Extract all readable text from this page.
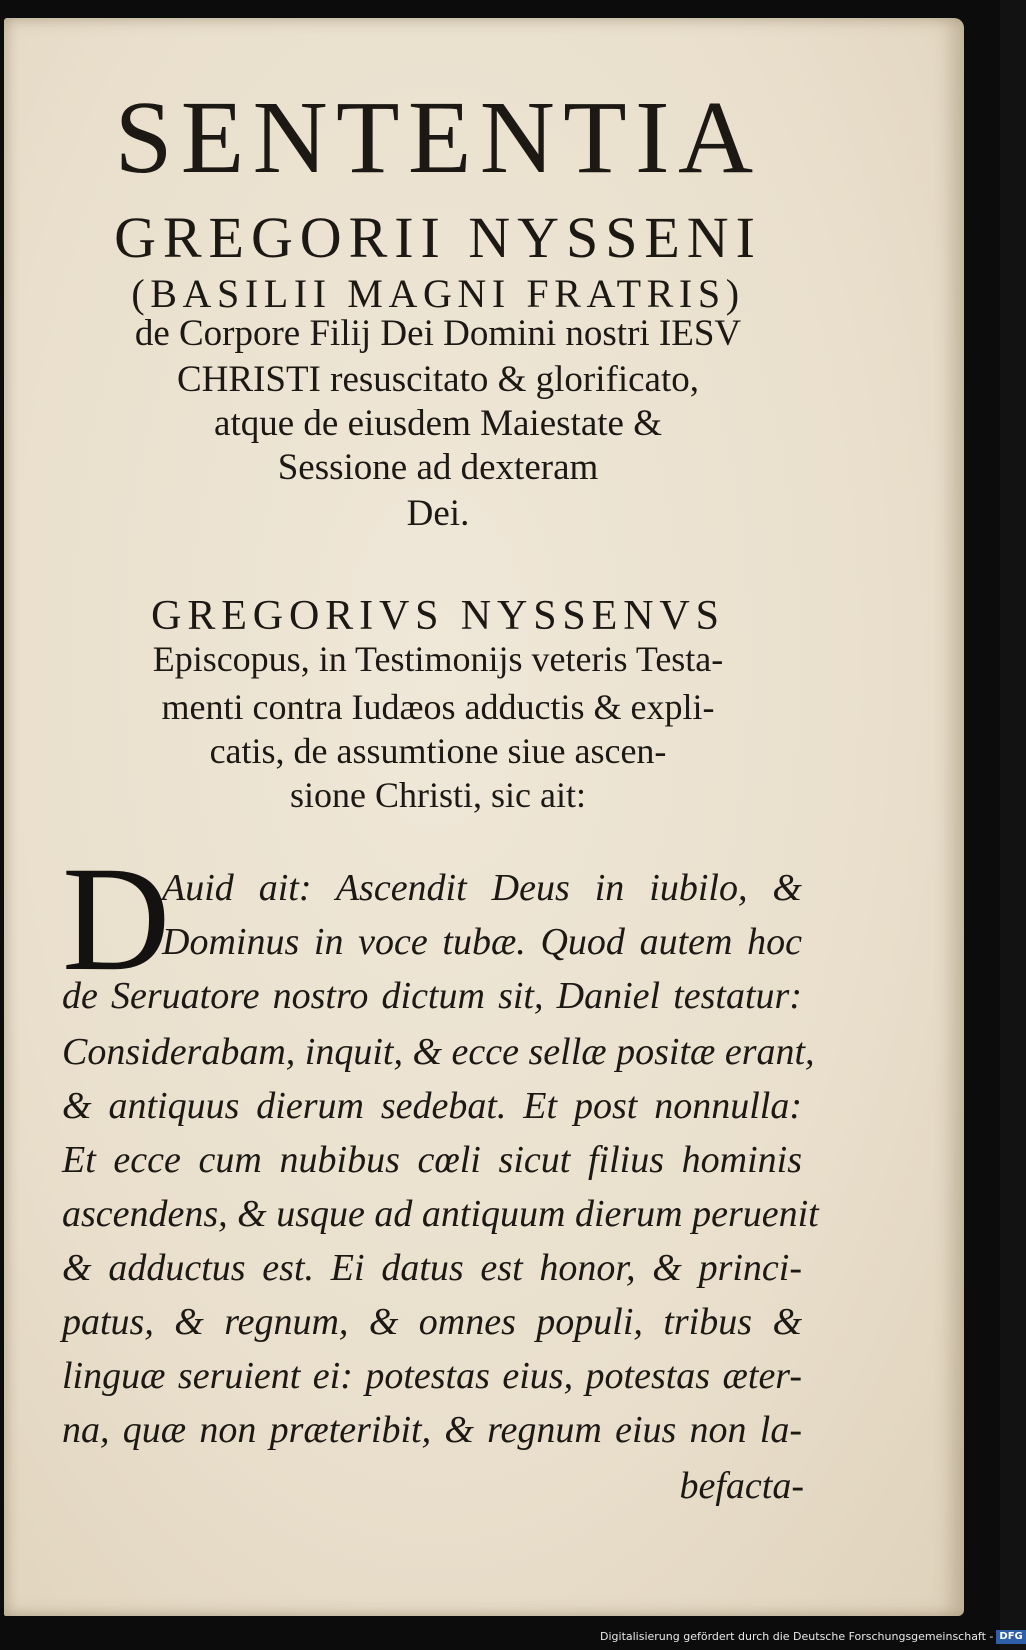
SENTENTIA
GREGORII NYSSENI
(BASILII MAGNI FRATRIS)
de Corpore Filij Dei Domini nostri IESV
CHRISTI resuscitato & glorificato,
atque de eiusdem Maiestate &
Sessione ad dexteram
Dei.
GREGORIVS NYSSENVS
Episcopus, in Testimonijs veteris Testa-
menti contra Iudæos adductis & expli-
catis, de assumtione siue ascen-
sione Christi, sic ait:
D
Auid ait: Ascendit Deus in iubilo, &
Dominus in voce tubæ. Quod autem hoc
de Seruatore nostro dictum sit, Daniel testatur:
Considerabam, inquit, & ecce sellæ positæ erant,
& antiquus dierum sedebat. Et post nonnulla:
Et ecce cum nubibus cœli sicut filius hominis
ascendens, & usque ad antiquum dierum peruenit
& adductus est. Ei datus est honor, & princi-
patus, & regnum, & omnes populi, tribus &
linguæ seruient ei: potestas eius, potestas æter-
na, quæ non præteribit, & regnum eius non la-
befacta-
Digitalisierung gefördert durch die Deutsche Forschungsgemeinschaft - DFG
